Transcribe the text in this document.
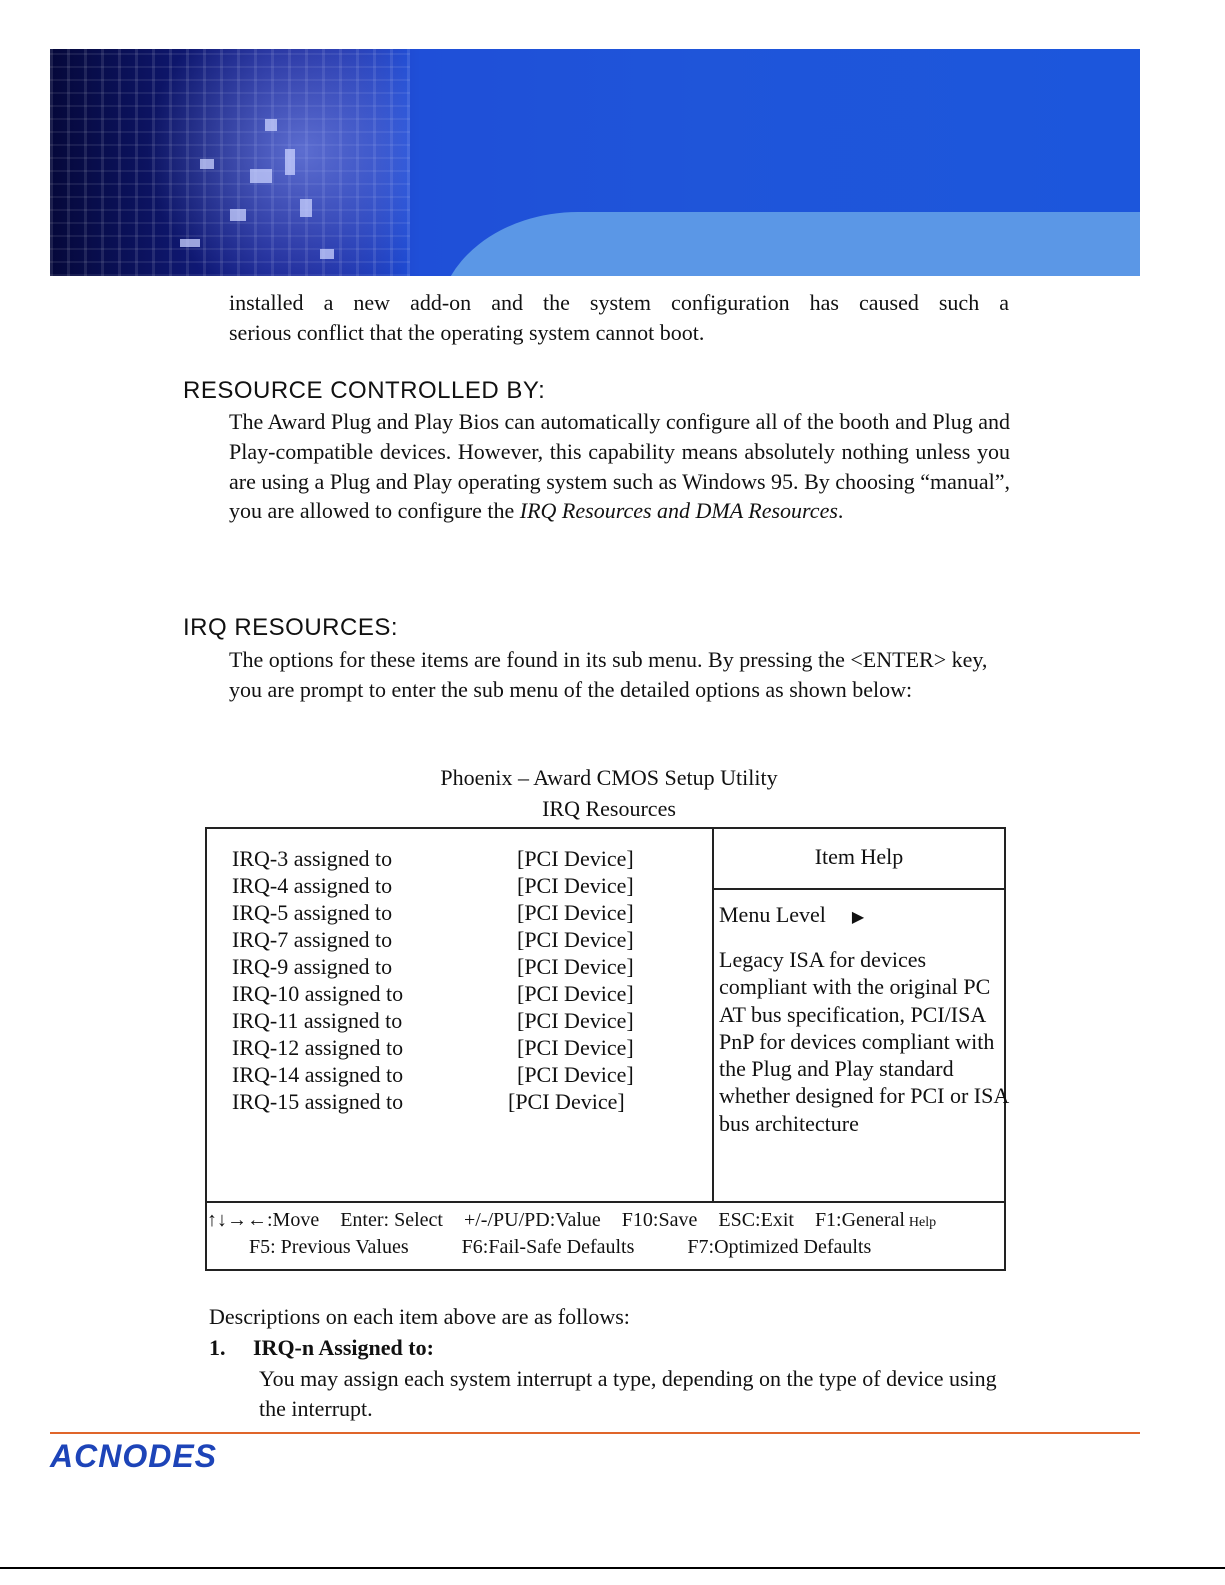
installed a new add-on and the system configuration has caused such a
serious conflict that the operating system cannot boot.

RESOURCE CONTROLLED BY:

The Award Plug and Play Bios can automatically configure all of the booth and Plug and Play-compatible devices. However, this capability means absolutely nothing unless you are using a Plug and Play operating system such as Windows 95. By choosing “manual”, you are allowed to configure the IRQ Resources and DMA Resources.

IRQ RESOURCES:

The options for these items are found in its sub menu. By pressing the <ENTER> key, you are prompt to enter the sub menu of the detailed options as shown below:

Phoenix – Award CMOS Setup Utility

IRQ Resources

IRQ-3 assigned to	[PCI Device]
IRQ-4 assigned to	[PCI Device]
IRQ-5 assigned to	[PCI Device]
IRQ-7 assigned to	[PCI Device]
IRQ-9 assigned to	[PCI Device]
IRQ-10 assigned to	[PCI Device]
IRQ-11 assigned to	[PCI Device]
IRQ-12 assigned to	[PCI Device]
IRQ-14 assigned to	[PCI Device]
IRQ-15 assigned to	[PCI Device]
Item Help
Menu Level ▶
Legacy ISA for devices compliant with the original PC AT bus specification, PCI/ISA PnP for devices compliant with the Plug and Play standard whether designed for PCI or ISA bus architecture
↑↓→←:Move Enter: Select +/-/PU/PD:Value F10:Save ESC:Exit F1:General Help
F5: Previous Values	F6:Fail-Safe Defaults	F7:Optimized Defaults

Descriptions on each item above are as follows:

1. IRQ-n Assigned to:

You may assign each system interrupt a type, depending on the type of device using the interrupt.

ACNODES
